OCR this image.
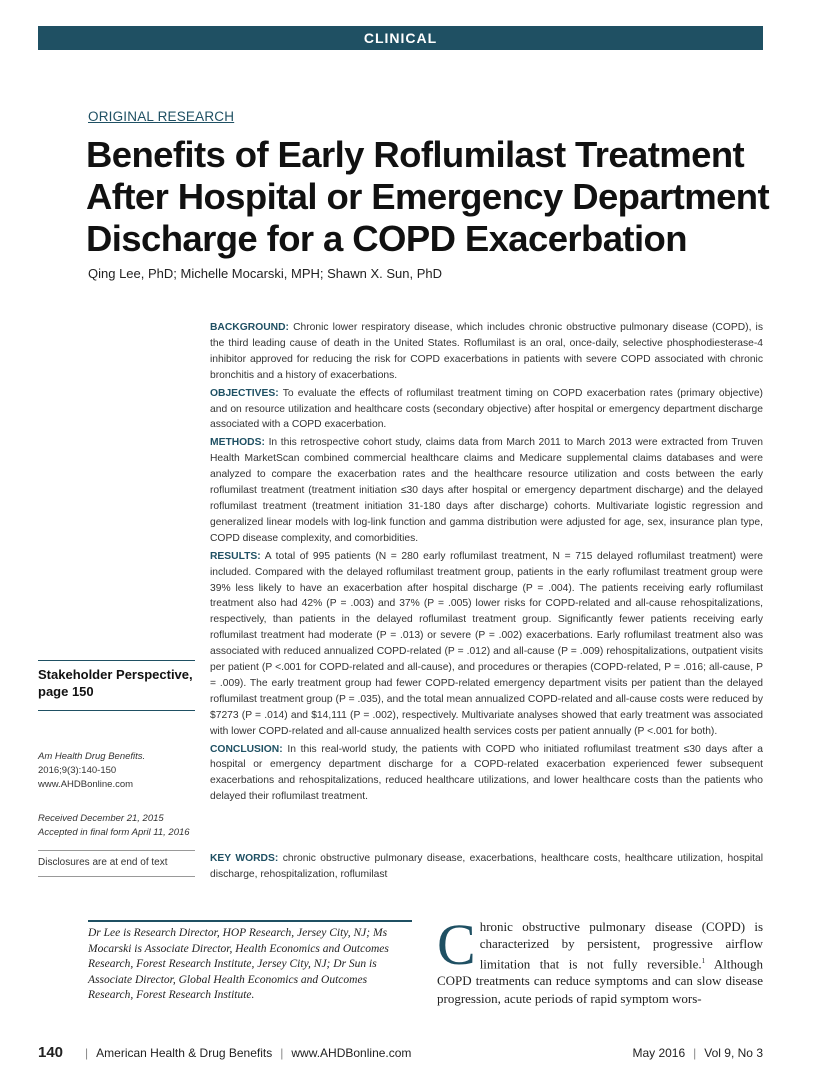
CLINICAL
ORIGINAL RESEARCH
Benefits of Early Roflumilast Treatment After Hospital or Emergency Department Discharge for a COPD Exacerbation
Qing Lee, PhD; Michelle Mocarski, MPH; Shawn X. Sun, PhD

BACKGROUND: Chronic lower respiratory disease, which includes chronic obstructive pulmonary disease (COPD), is the third leading cause of death in the United States. Roflumilast is an oral, once-daily, selective phosphodiesterase-4 inhibitor approved for reducing the risk for COPD exacerbations in patients with severe COPD associated with chronic bronchitis and a history of exacerbations.

OBJECTIVES: To evaluate the effects of roflumilast treatment timing on COPD exacerbation rates (primary objective) and on resource utilization and healthcare costs (secondary objective) after hospital or emergency department discharge associated with a COPD exacerbation.

METHODS: In this retrospective cohort study, claims data from March 2011 to March 2013 were extracted from Truven Health MarketScan combined commercial healthcare claims and Medicare supplemental claims databases and were analyzed to compare the exacerbation rates and the healthcare resource utilization and costs between the early roflumilast treatment (treatment initiation ≤30 days after hospital or emergency department discharge) and the delayed roflumilast treatment (treatment initiation 31-180 days after discharge) cohorts. Multivariate logistic regression and generalized linear models with log-link function and gamma distribution were adjusted for age, sex, insurance plan type, COPD disease complexity, and comorbidities.

RESULTS: A total of 995 patients (N = 280 early roflumilast treatment, N = 715 delayed roflumilast treatment) were included. Compared with the delayed roflumilast treatment group, patients in the early roflumilast treatment group were 39% less likely to have an exacerbation after hospital discharge (P = .004). The patients receiving early roflumilast treatment also had 42% (P = .003) and 37% (P = .005) lower risks for COPD-related and all-cause rehospitalizations, respectively, than patients in the delayed roflumilast treatment group. Significantly fewer patients receiving early roflumilast treatment had moderate (P = .013) or severe (P = .002) exacerbations. Early roflumilast treatment also was associated with reduced annualized COPD-related (P = .012) and all-cause (P = .009) rehospitalizations, outpatient visits per patient (P <.001 for COPD-related and all-cause), and procedures or therapies (COPD-related, P = .016; all-cause, P = .009). The early treatment group had fewer COPD-related emergency department visits per patient than the delayed roflumilast treatment group (P = .035), and the total mean annualized COPD-related and all-cause costs were reduced by $7273 (P = .014) and $14,111 (P = .002), respectively. Multivariate analyses showed that early treatment was associated with lower COPD-related and all-cause annualized health services costs per patient annually (P <.001 for both).

CONCLUSION: In this real-world study, the patients with COPD who initiated roflumilast treatment ≤30 days after a hospital or emergency department discharge for a COPD-related exacerbation experienced fewer subsequent exacerbations and rehospitalizations, reduced healthcare utilizations, and lower healthcare costs than the patients who delayed their roflumilast treatment.

KEY WORDS: chronic obstructive pulmonary disease, exacerbations, healthcare costs, healthcare utilization, hospital discharge, rehospitalization, roflumilast
Stakeholder Perspective, page 150
Am Health Drug Benefits.
2016;9(3):140-150
www.AHDBonline.com
Received December 21, 2015
Accepted in final form April 11, 2016
Disclosures are at end of text
Dr Lee is Research Director, HOP Research, Jersey City, NJ; Ms Mocarski is Associate Director, Health Economics and Outcomes Research, Forest Research Institute, Jersey City, NJ; Dr Sun is Associate Director, Global Health Economics and Outcomes Research, Forest Research Institute.
Chronic obstructive pulmonary disease (COPD) is characterized by persistent, progressive airflow limitation that is not fully reversible.$^1$ Although COPD treatments can reduce symptoms and can slow disease progression, acute periods of rapid symptom wors-
140 | American Health & Drug Benefits | www.AHDBonline.com	May 2016 | Vol 9, No 3
